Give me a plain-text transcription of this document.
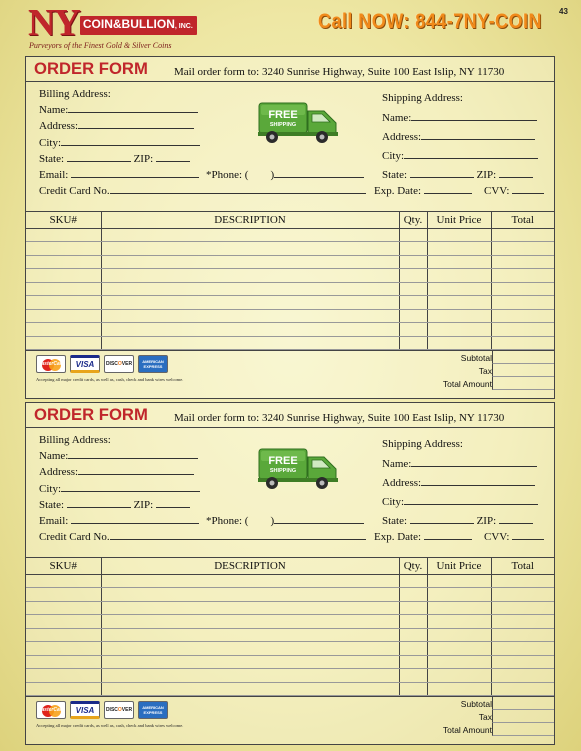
NY COIN&BULLION, INC.
Purveyors of the Finest Gold & Silver Coins
Call NOW: 844-7NY-COIN 43
ORDER FORM Mail order form to: 3240 Sunrise Highway, Suite 100 East Islip, NY 11730
Billing Address:
Name:
Address:
City:
State:	ZIP:
Email:	*Phone: ( )
Credit Card No.
FREE
SHIPPING
Shipping Address:
Name:
Address:
City:
State:	ZIP:
Exp. Date:	CVV:
SKU#	DESCRIPTION	Qty.	Unit Price	Total

MasterCard	VISA	DISC O VER	AMERICAN
EXPRESS
Accepting all major credit cards, as well as, cash, check and bank wires welcome.
Subtotal
Tax
Total Amount
ORDER FORM Mail order form to: 3240 Sunrise Highway, Suite 100 East Islip, NY 11730
Billing Address:
Name:
Address:
City:
State:	ZIP:
Email:	*Phone: ( )
Credit Card No.
FREE
SHIPPING
Shipping Address:
Name:
Address:
City:
State:	ZIP:
Exp. Date:	CVV:
SKU#	DESCRIPTION	Qty.	Unit Price	Total

MasterCard	VISA	DISC O VER	AMERICAN
EXPRESS
Accepting all major credit cards, as well as, cash, check and bank wires welcome.
Subtotal
Tax
Total Amount
